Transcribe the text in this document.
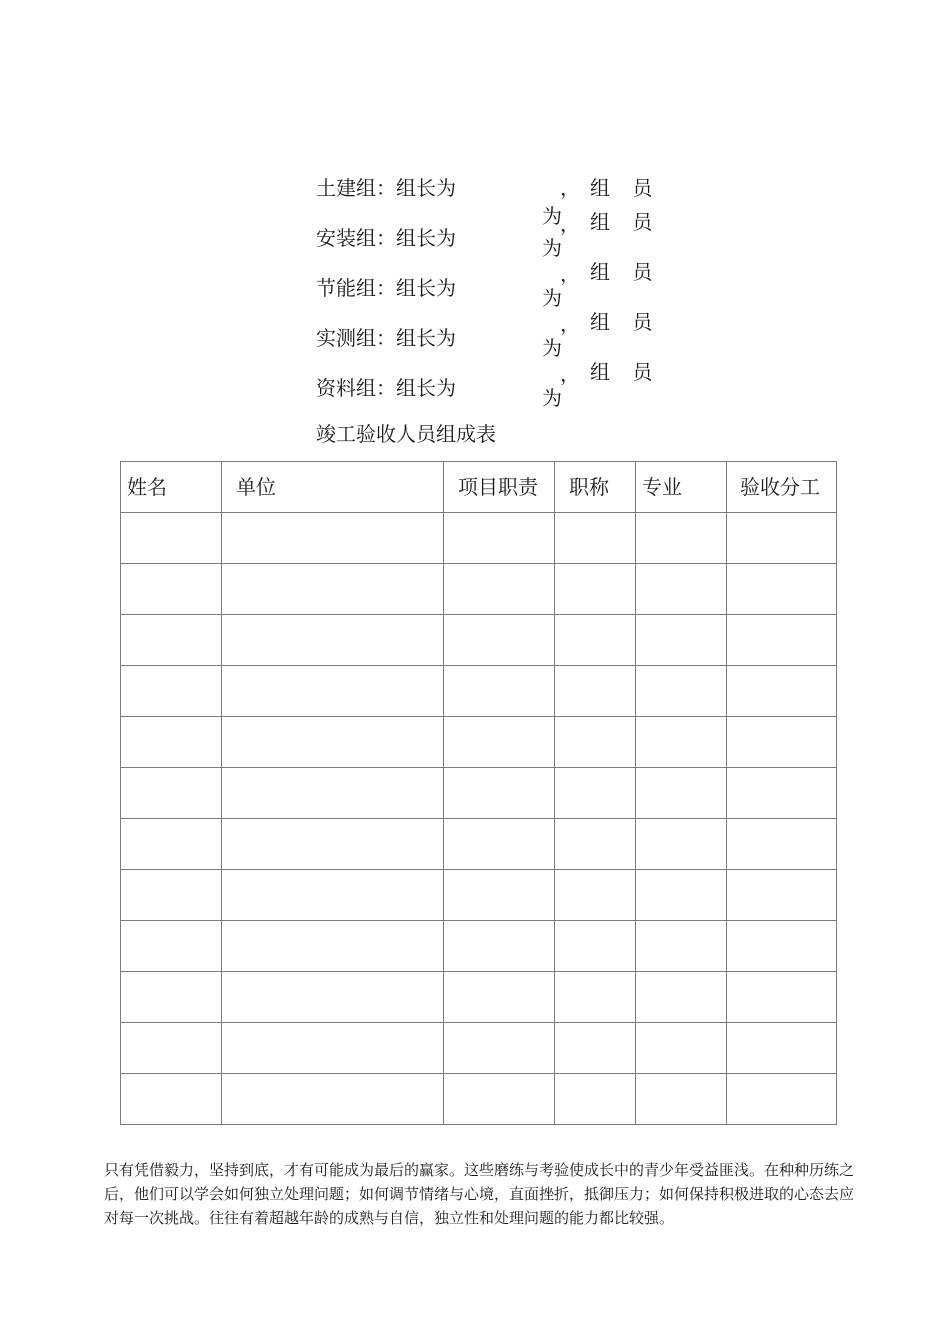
土建组：组长为
为
， 组 员
安装组：组长为
， 组 员
为
节能组：组长为
， 组 员
为
实测组：组长为
， 组 员
为
资料组：组长为
， 组 员
为
竣工验收人员组成表
姓名	单位	项目职责	职称	专业	验收分工

只有凭借毅力，坚持到底，才有可能成为最后的赢家。这些磨练与考验使成长中的青少年受益匪浅。在种种历练之后，他们可以学会如何独立处理问题；如何调节情绪与心境，直面挫折，抵御压力；如何保持积极进取的心态去应对每一次挑战。往往有着超越年龄的成熟与自信，独立性和处理问题的能力都比较强。
